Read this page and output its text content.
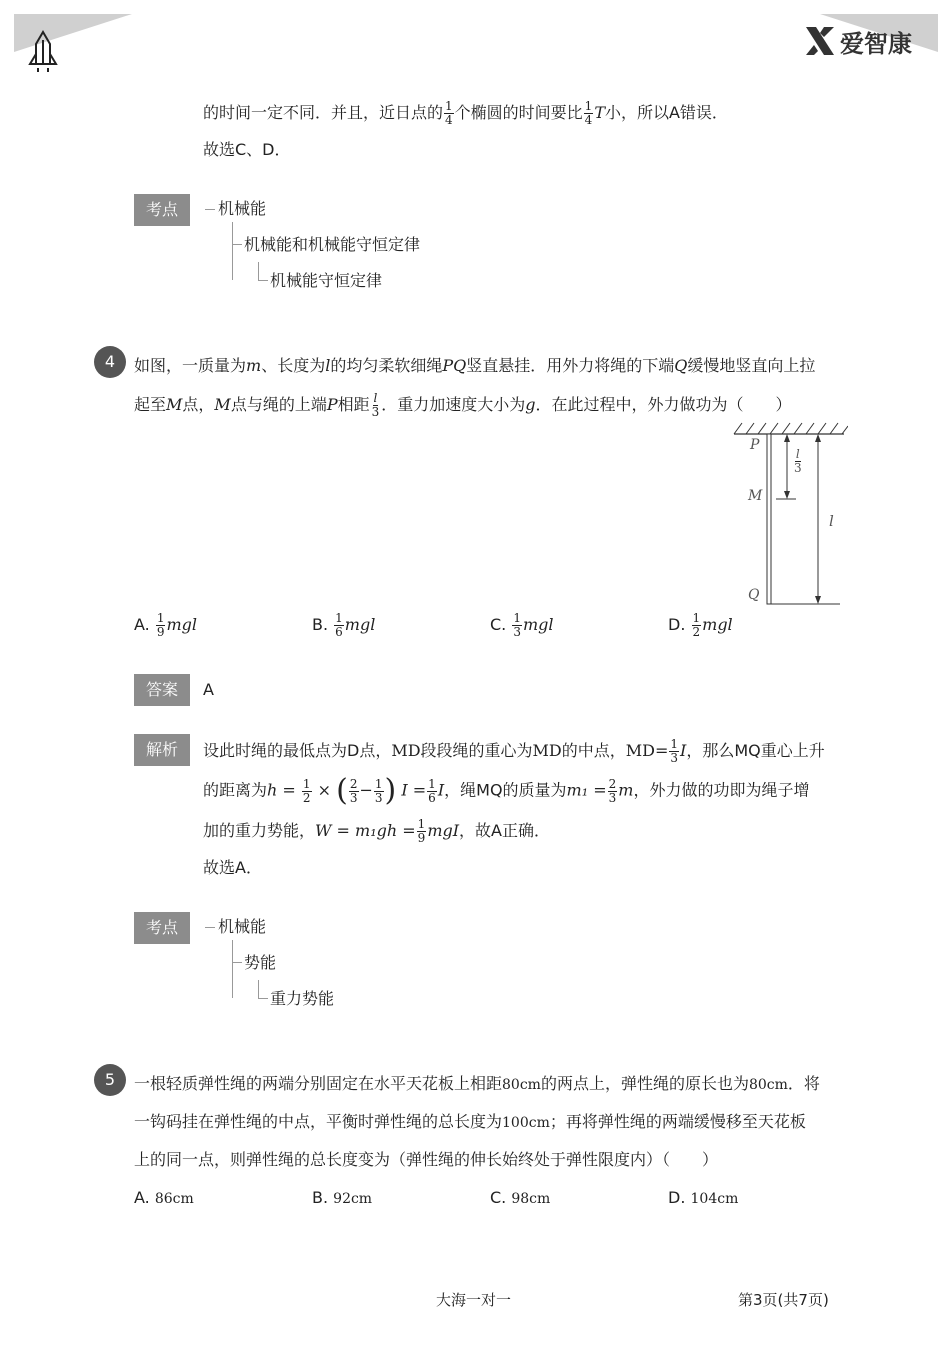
爱智康
的时间一定不同．并且，近日点的 $\frac{1}{4}$ 个椭圆的时间要比 $\frac{1}{4}$ T小，所以A错误．
故选C、D．
考点	机械能
机械能和机械能守恒定律
机械能守恒定律
4	如图，一质量为m、长度为l的均匀柔软细绳PQ竖直悬挂．用外力将绳的下端Q缓慢地竖直向上拉
起至M点，M点与绳的上端P相距 $\frac{l}{3}$ ．重力加速度大小为g．在此过程中，外力做功为（　　）
P
M
Q
$\frac{l}{3}$
l
A. $\frac{1}{9}$ mgl	B. $\frac{1}{6}$ mgl	C. $\frac{1}{3}$ mgl	D. $\frac{1}{2}$ mgl
答案	A
解析	设此时绳的最低点为D点，MD段段绳的重心为MD的中点，$MD= \frac{1}{3}$ I，那么MQ重心上升
的距离为$h = \frac{1}{2}$ × ( $\frac{2}{3} - \frac{1}{3}$ ) $I = \frac{1}{6}$ I，绳MQ的质量为$m_1 = \frac{2}{3}$ m，外力做的功即为绳子增
加的重力势能，$W = m_1gh = \frac{1}{9}$ mgI，故A正确．
故选A．
考点	机械能
势能
重力势能
5	一根轻质弹性绳的两端分别固定在水平天花板上相距80cm的两点上，弹性绳的原长也为80cm．将
一钩码挂在弹性绳的中点，平衡时弹性绳的总长度为100cm；再将弹性绳的两端缓慢移至天花板
上的同一点，则弹性绳的总长度变为（弹性绳的伸长始终处于弹性限度内）（　　）
A. 86cm	B. 92cm	C. 98cm	D. 104cm
大海一对一	第3页(共7页)
